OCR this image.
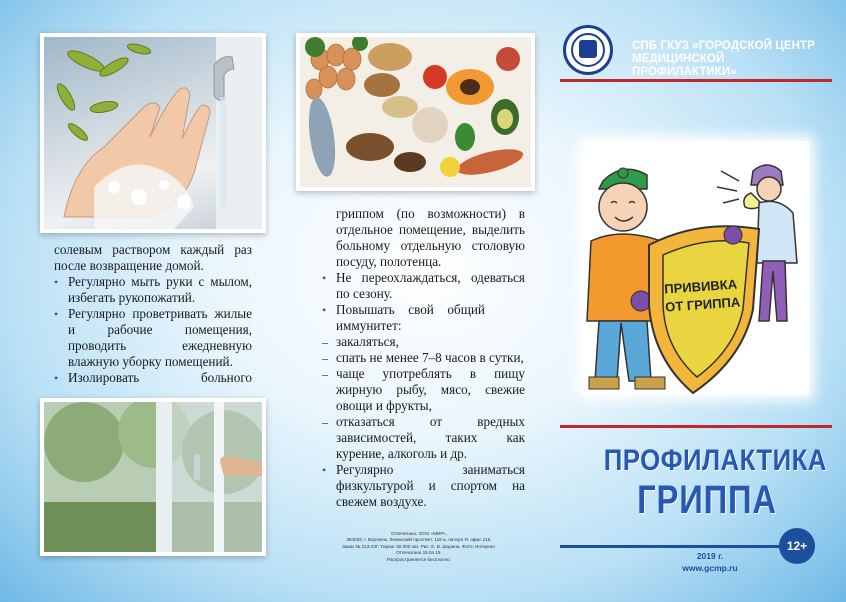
солевым раствором каждый раз после возвращение домой.
• Регулярно мыть руки с мылом, избегать рукопожатий.
• Регулярно проветривать жилые и рабочие помещения, проводить ежедневную влажную уборку помещений.
• Изолировать больного
гриппом (по возможности) в отдельное помещение, выделить больному отдельную столовую посуду, полотенца.
• Не переохлаждаться, одеваться по сезону.
• Повышать свой общий иммунитет:
– закаляться,
– спать не менее 7–8 часов в сутки,
– чаще употреблять в пищу жирную рыбу, мясо, свежие овощи и фрукты,
– отказаться от вредных зависимостей, таких как курение, алкоголь и др.
• Регулярно заниматься физкультурой и спортом на свежем воздухе.
Отпечатано: ООО «МИР»,
394033, г. Воронеж, Ленинский проспект, 119 а, литера Я, офис 215.
Заказ № 213-23Г. Тираж: 50 000 экз. Рис. Е. В. Шорина. Фото: Интернет.
Отпечатано 15.04.19.
Распространяется бесплатно.
СПБ ГКУЗ «ГОРОДСКОЙ ЦЕНТР
МЕДИЦИНСКОЙ ПРОФИЛАКТИКИ»
ПРИВИВКА
ОТ ГРИППА
ПРОФИЛАКТИКА
ГРИППА
12+
2019 г.
www.gcmp.ru
